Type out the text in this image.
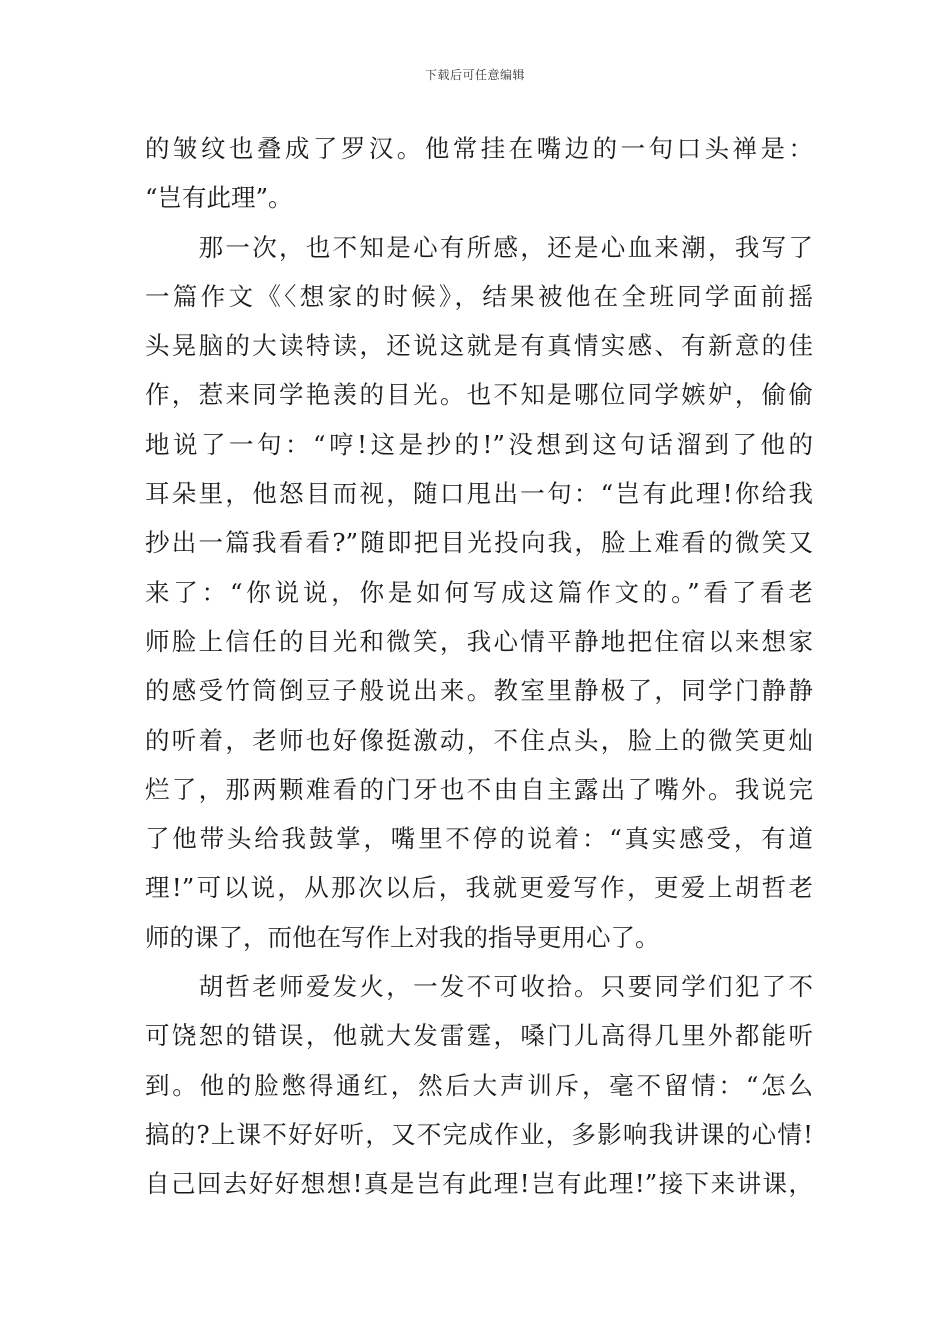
下载后可任意编辑
的皱纹也叠成了罗汉。他常挂在嘴边的一句口头禅是：
“岂有此理”。
　　那一次，也不知是心有所感，还是心血来潮，我写了
一篇作文《〈想家的时候》，结果被他在全班同学面前摇
头晃脑的大读特读，还说这就是有真情实感、有新意的佳
作，惹来同学艳羡的目光。也不知是哪位同学嫉妒，偷偷
地说了一句：“哼!这是抄的!”没想到这句话溜到了他的
耳朵里，他怒目而视，随口甩出一句：“岂有此理!你给我
抄出一篇我看看?”随即把目光投向我，脸上难看的微笑又
来了：“你说说，你是如何写成这篇作文的。”看了看老
师脸上信任的目光和微笑，我心情平静地把住宿以来想家
的感受竹筒倒豆子般说出来。教室里静极了，同学门静静
的听着，老师也好像挺激动，不住点头，脸上的微笑更灿
烂了，那两颗难看的门牙也不由自主露出了嘴外。我说完
了他带头给我鼓掌，嘴里不停的说着：“真实感受，有道
理!”可以说，从那次以后，我就更爱写作，更爱上胡哲老
师的课了，而他在写作上对我的指导更用心了。
　　胡哲老师爱发火，一发不可收拾。只要同学们犯了不
可饶恕的错误，他就大发雷霆，嗓门儿高得几里外都能听
到。他的脸憋得通红，然后大声训斥，毫不留情：“怎么
搞的?上课不好好听，又不完成作业，多影响我讲课的心情!
自己回去好好想想!真是岂有此理!岂有此理!”接下来讲课，
